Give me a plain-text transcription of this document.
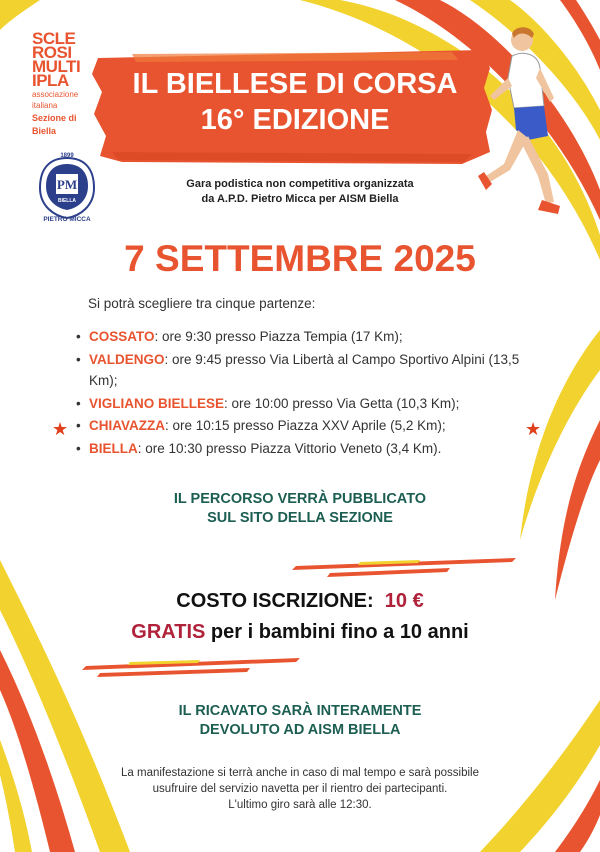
SCLE
ROSI
MULTI
IPLA
associazione
italiana
Sezione di
Biella
PM
1899
BIELLA
PIETRO MICCA
IL BIELLESE DI CORSA
16° EDIZIONE
Gara podistica non competitiva organizzata
da A.P.D. Pietro Micca per AISM Biella
7 SETTEMBRE 2025
Si potrà scegliere tra cinque partenze:
• COSSATO: ore 9:30 presso Piazza Tempia (17 Km);
• VALDENGO: ore 9:45 presso Via Libertà al Campo Sportivo Alpini (13,5 Km);
• VIGLIANO BIELLESE: ore 10:00 presso Via Getta (10,3 Km);
• CHIAVAZZA: ore 10:15 presso Piazza XXV Aprile (5,2 Km);
• BIELLA: ore 10:30 presso Piazza Vittorio Veneto (3,4 Km).
★	★
IL PERCORSO VERRÀ PUBBLICATO
SUL SITO DELLA SEZIONE
COSTO ISCRIZIONE: 10 €
GRATIS per i bambini fino a 10 anni
IL RICAVATO SARÀ INTERAMENTE
DEVOLUTO AD AISM BIELLA
La manifestazione si terrà anche in caso di mal tempo e sarà possibile
usufruire del servizio navetta per il rientro dei partecipanti.
L'ultimo giro sarà alle 12:30.
